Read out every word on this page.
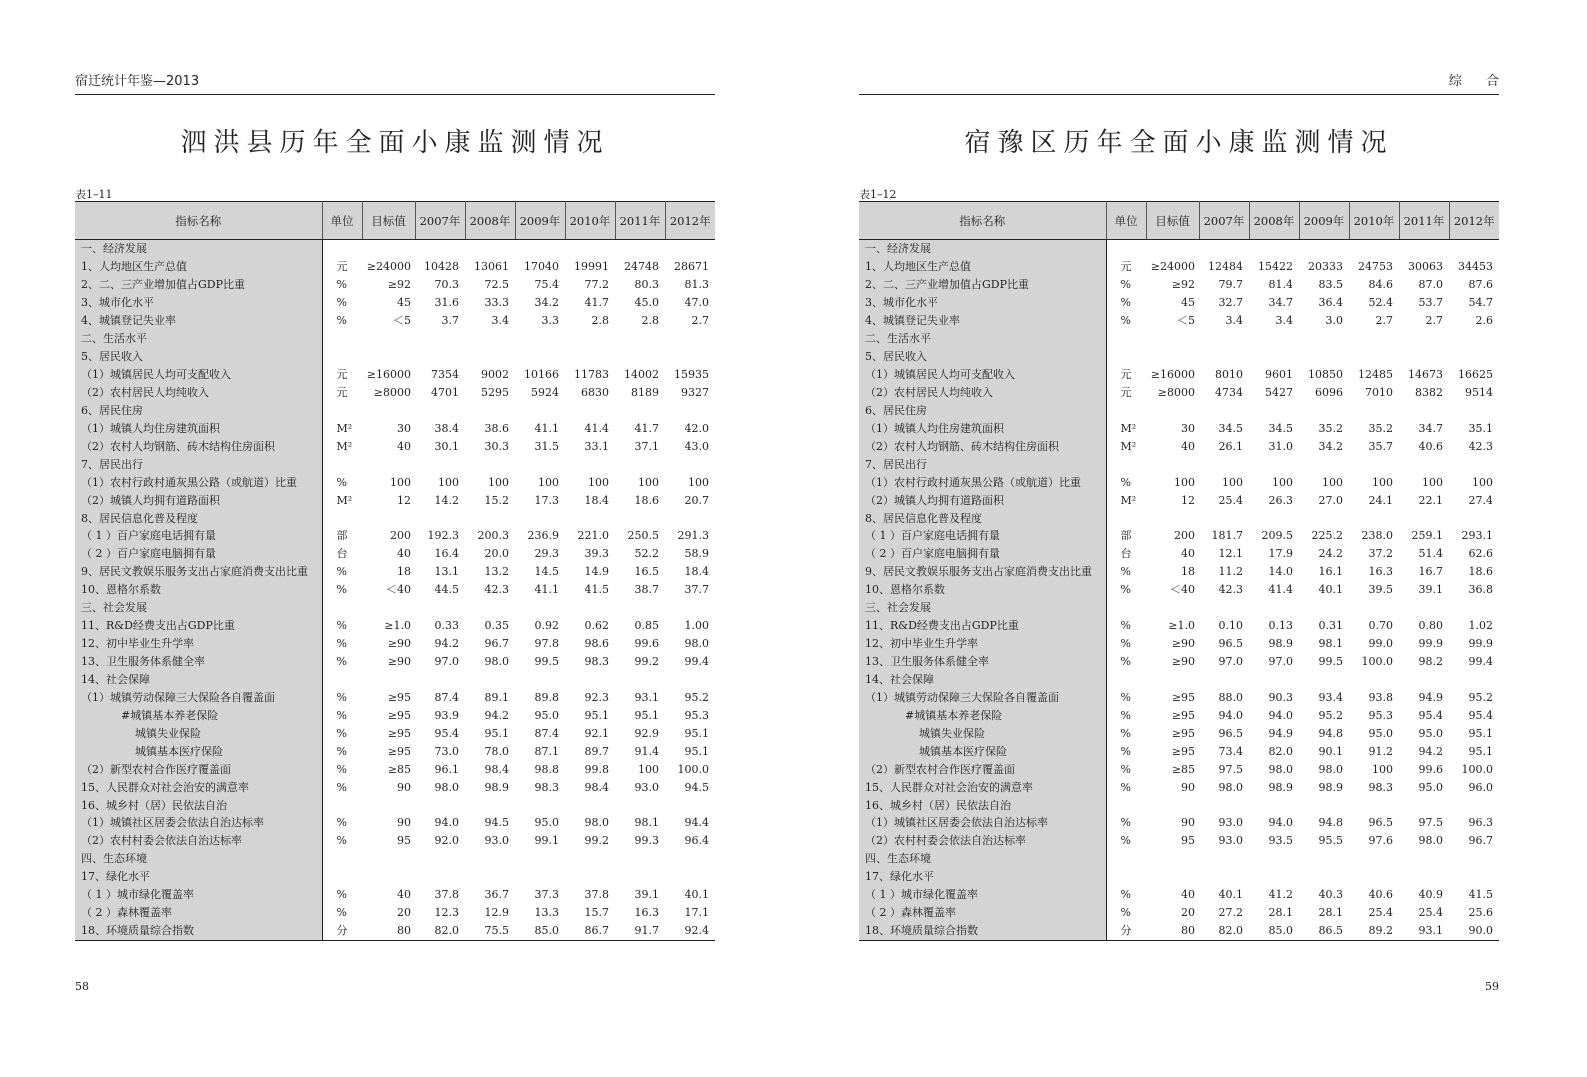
宿迁统计年鉴—2013
泗洪县历年全面小康监测情况
表1–11
指标名称	单位	目标值	2007年	2008年	2009年	2010年	2011年	2012年
一、经济发展								
1、人均地区生产总值	元	≥24000	10428	13061	17040	19991	24748	28671
2、二、三产业增加值占GDP比重	%	≥92	70.3	72.5	75.4	77.2	80.3	81.3
3、城市化水平	%	45	31.6	33.3	34.2	41.7	45.0	47.0
4、城镇登记失业率	%	＜5	3.7	3.4	3.3	2.8	2.8	2.7
二、生活水平								
5、居民收入								
（1）城镇居民人均可支配收入	元	≥16000	7354	9002	10166	11783	14002	15935
（2）农村居民人均纯收入	元	≥8000	4701	5295	5924	6830	8189	9327
6、居民住房								
（1）城镇人均住房建筑面积	M²	30	38.4	38.6	41.1	41.4	41.7	42.0
（2）农村人均钢筋、砖木结构住房面积	M²	40	30.1	30.3	31.5	33.1	37.1	43.0
7、居民出行								
（1）农村行政村通灰黑公路（或航道）比重	%	100	100	100	100	100	100	100
（2）城镇人均拥有道路面积	M²	12	14.2	15.2	17.3	18.4	18.6	20.7
8、居民信息化普及程度								
（ 1 ）百户家庭电话拥有量	部	200	192.3	200.3	236.9	221.0	250.5	291.3
（ 2 ）百户家庭电脑拥有量	台	40	16.4	20.0	29.3	39.3	52.2	58.9
9、居民文教娱乐服务支出占家庭消费支出比重	%	18	13.1	13.2	14.5	14.9	16.5	18.4
10、恩格尔系数	%	＜40	44.5	42.3	41.1	41.5	38.7	37.7
三、社会发展								
11、R&D经费支出占GDP比重	%	≥1.0	0.33	0.35	0.92	0.62	0.85	1.00
12、初中毕业生升学率	%	≥90	94.2	96.7	97.8	98.6	99.6	98.0
13、卫生服务体系健全率	%	≥90	97.0	98.0	99.5	98.3	99.2	99.4
14、社会保障								
（1）城镇劳动保障三大保险各自覆盖面	%	≥95	87.4	89.1	89.8	92.3	93.1	95.2
#城镇基本养老保险	%	≥95	93.9	94.2	95.0	95.1	95.1	95.3
城镇失业保险	%	≥95	95.4	95.1	87.4	92.1	92.9	95.1
城镇基本医疗保险	%	≥95	73.0	78.0	87.1	89.7	91.4	95.1
（2）新型农村合作医疗覆盖面	%	≥85	96.1	98.4	98.8	99.8	100	100.0
15、人民群众对社会治安的满意率	%	90	98.0	98.9	98.3	98.4	93.0	94.5
16、城乡村（居）民依法自治								
（1）城镇社区居委会依法自治达标率	%	90	94.0	94.5	95.0	98.0	98.1	94.4
（2）农村村委会依法自治达标率	%	95	92.0	93.0	99.1	99.2	99.3	96.4
四、生态环境								
17、绿化水平								
（ 1 ）城市绿化覆盖率	%	40	37.8	36.7	37.3	37.8	39.1	40.1
（ 2 ）森林覆盖率	%	20	12.3	12.9	13.3	15.7	16.3	17.1
18、环境质量综合指数	分	80	82.0	75.5	85.0	86.7	91.7	92.4
58
综 合
宿豫区历年全面小康监测情况
表1–12
指标名称	单位	目标值	2007年	2008年	2009年	2010年	2011年	2012年
一、经济发展								
1、人均地区生产总值	元	≥24000	12484	15422	20333	24753	30063	34453
2、二、三产业增加值占GDP比重	%	≥92	79.7	81.4	83.5	84.6	87.0	87.6
3、城市化水平	%	45	32.7	34.7	36.4	52.4	53.7	54.7
4、城镇登记失业率	%	＜5	3.4	3.4	3.0	2.7	2.7	2.6
二、生活水平								
5、居民收入								
（1）城镇居民人均可支配收入	元	≥16000	8010	9601	10850	12485	14673	16625
（2）农村居民人均纯收入	元	≥8000	4734	5427	6096	7010	8382	9514
6、居民住房								
（1）城镇人均住房建筑面积	M²	30	34.5	34.5	35.2	35.2	34.7	35.1
（2）农村人均钢筋、砖木结构住房面积	M²	40	26.1	31.0	34.2	35.7	40.6	42.3
7、居民出行								
（1）农村行政村通灰黑公路（或航道）比重	%	100	100	100	100	100	100	100
（2）城镇人均拥有道路面积	M²	12	25.4	26.3	27.0	24.1	22.1	27.4
8、居民信息化普及程度								
（ 1 ）百户家庭电话拥有量	部	200	181.7	209.5	225.2	238.0	259.1	293.1
（ 2 ）百户家庭电脑拥有量	台	40	12.1	17.9	24.2	37.2	51.4	62.6
9、居民文教娱乐服务支出占家庭消费支出比重	%	18	11.2	14.0	16.1	16.3	16.7	18.6
10、恩格尔系数	%	＜40	42.3	41.4	40.1	39.5	39.1	36.8
三、社会发展								
11、R&D经费支出占GDP比重	%	≥1.0	0.10	0.13	0.31	0.70	0.80	1.02
12、初中毕业生升学率	%	≥90	96.5	98.9	98.1	99.0	99.9	99.9
13、卫生服务体系健全率	%	≥90	97.0	97.0	99.5	100.0	98.2	99.4
14、社会保障								
（1）城镇劳动保障三大保险各自覆盖面	%	≥95	88.0	90.3	93.4	93.8	94.9	95.2
#城镇基本养老保险	%	≥95	94.0	94.0	95.2	95.3	95.4	95.4
城镇失业保险	%	≥95	96.5	94.9	94.8	95.0	95.0	95.1
城镇基本医疗保险	%	≥95	73.4	82.0	90.1	91.2	94.2	95.1
（2）新型农村合作医疗覆盖面	%	≥85	97.5	98.0	98.0	100	99.6	100.0
15、人民群众对社会治安的满意率	%	90	98.0	98.9	98.9	98.3	95.0	96.0
16、城乡村（居）民依法自治								
（1）城镇社区居委会依法自治达标率	%	90	93.0	94.0	94.8	96.5	97.5	96.3
（2）农村村委会依法自治达标率	%	95	93.0	93.5	95.5	97.6	98.0	96.7
四、生态环境								
17、绿化水平								
（ 1 ）城市绿化覆盖率	%	40	40.1	41.2	40.3	40.6	40.9	41.5
（ 2 ）森林覆盖率	%	20	27.2	28.1	28.1	25.4	25.4	25.6
18、环境质量综合指数	分	80	82.0	85.0	86.5	89.2	93.1	90.0
59
